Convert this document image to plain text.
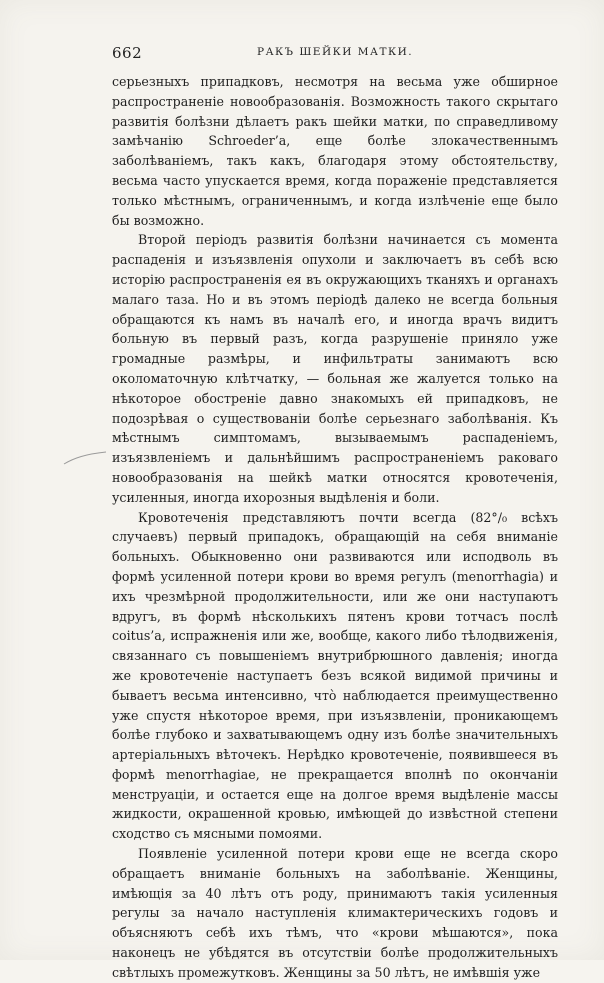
662	РАКЪ ШЕЙКИ МАТКИ.

серьезныхъ припадковъ, несмотря на весьма уже обширное распространеніе новообразованія. Возможность такого скрытаго развитія болѣзни дѣлаетъ ракъ шейки матки, по справедливому замѣчанію Schroeder’a, еще болѣе злокачественнымъ заболѣваніемъ, такъ какъ, благодаря этому обстоятельству, весьма часто упускается время, когда пораженіе представляется только мѣстнымъ, ограниченнымъ, и когда излѣченіе еще было бы возможно.

Второй періодъ развитія болѣзни начинается съ момента распаденія и изъязвленія опухоли и заключаетъ въ себѣ всю исторію распространенія ея въ окружающихъ тканяхъ и органахъ малаго таза. Но и въ этомъ періодѣ далеко не всегда больныя обращаются къ намъ въ началѣ его, и иногда врачъ видитъ больную въ первый разъ, когда разрушеніе приняло уже громадные размѣры, и инфильтраты занимаютъ всю околоматочную клѣтчатку, — больная же жалуется только на нѣкоторое обостреніе давно знакомыхъ ей припадковъ, не подозрѣвая о существованіи болѣе серьезнаго заболѣванія. Къ мѣстнымъ симптомамъ, вызываемымъ распаденіемъ, изъязвленіемъ и дальнѣйшимъ распространеніемъ раковаго новообразованія на шейкѣ матки относятся кровотеченія, усиленныя, иногда ихорозныя выдѣленія и боли.

Кровотеченія представляютъ почти всегда (82°/₀ всѣхъ случаевъ) первый припадокъ, обращающій на себя вниманіе больныхъ. Обыкновенно они развиваются или исподволь въ формѣ усиленной потери крови во время регулъ (menorrhagia) и ихъ чрезмѣрной продолжительности, или же они наступаютъ вдругъ, въ формѣ нѣсколькихъ пятенъ крови тотчасъ послѣ coitus’a, испражненія или же, вообще, какого либо тѣлодвиженія, связаннаго съ повышеніемъ внутрибрюшного давленія; иногда же кровотеченіе наступаетъ безъ всякой видимой причины и бываетъ весьма интенсивно, чтò наблюдается преимущественно уже спустя нѣкоторое время, при изъязвленіи, проникающемъ болѣе глубоко и захватывающемъ одну изъ болѣе значительныхъ артеріальныхъ вѣточекъ. Нерѣдко кровотеченіе, появившееся въ формѣ menorrhagiae, не прекращается вполнѣ по окончаніи менструаціи, и остается еще на долгое время выдѣленіе массы жидкости, окрашенной кровью, имѣющей до извѣстной степени сходство съ мясными помоями.

Появленіе усиленной потери крови еще не всегда скоро обращаетъ вниманіе больныхъ на заболѣваніе. Женщины, имѣющія за 40 лѣтъ отъ роду, принимаютъ такія усиленныя регулы за начало наступленія климактерическихъ годовъ и объясняютъ себѣ ихъ тѣмъ, что «крови мѣшаются», пока наконецъ не убѣдятся въ отсутствіи болѣе продолжительныхъ свѣтлыхъ промежутковъ. Женщины за 50 лѣтъ, не имѣвшія уже
